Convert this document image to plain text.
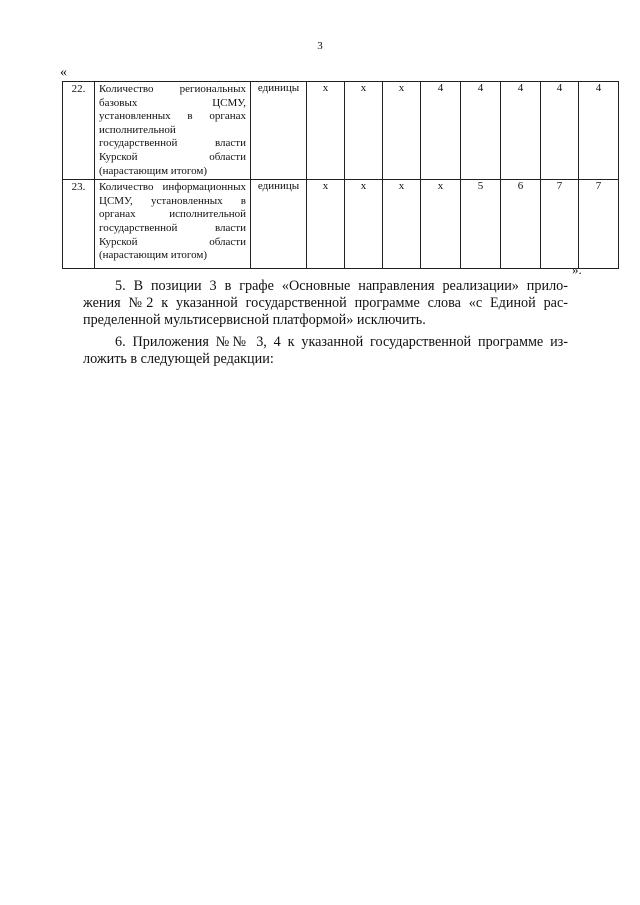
3
«
22.	Количество региональных базовых ЦСМУ, установленных в органах исполнительной государственной власти Курской области (нарастающим итогом)	единицы	х	х	х	4	4	4	4	4
23.	Количество информационных ЦСМУ, установленных в органах исполнительной государственной власти Курской области (нарастающим итогом)	единицы	х	х	х	х	5	6	7	7
».
5. В позиции 3 в графе «Основные направления реализации» прило-
жения №2 к указанной государственной программе слова «с Единой рас-
пределенной мультисервисной платформой» исключить.
6. Приложения №№ 3, 4 к указанной государственной программе из-
ложить в следующей редакции:
